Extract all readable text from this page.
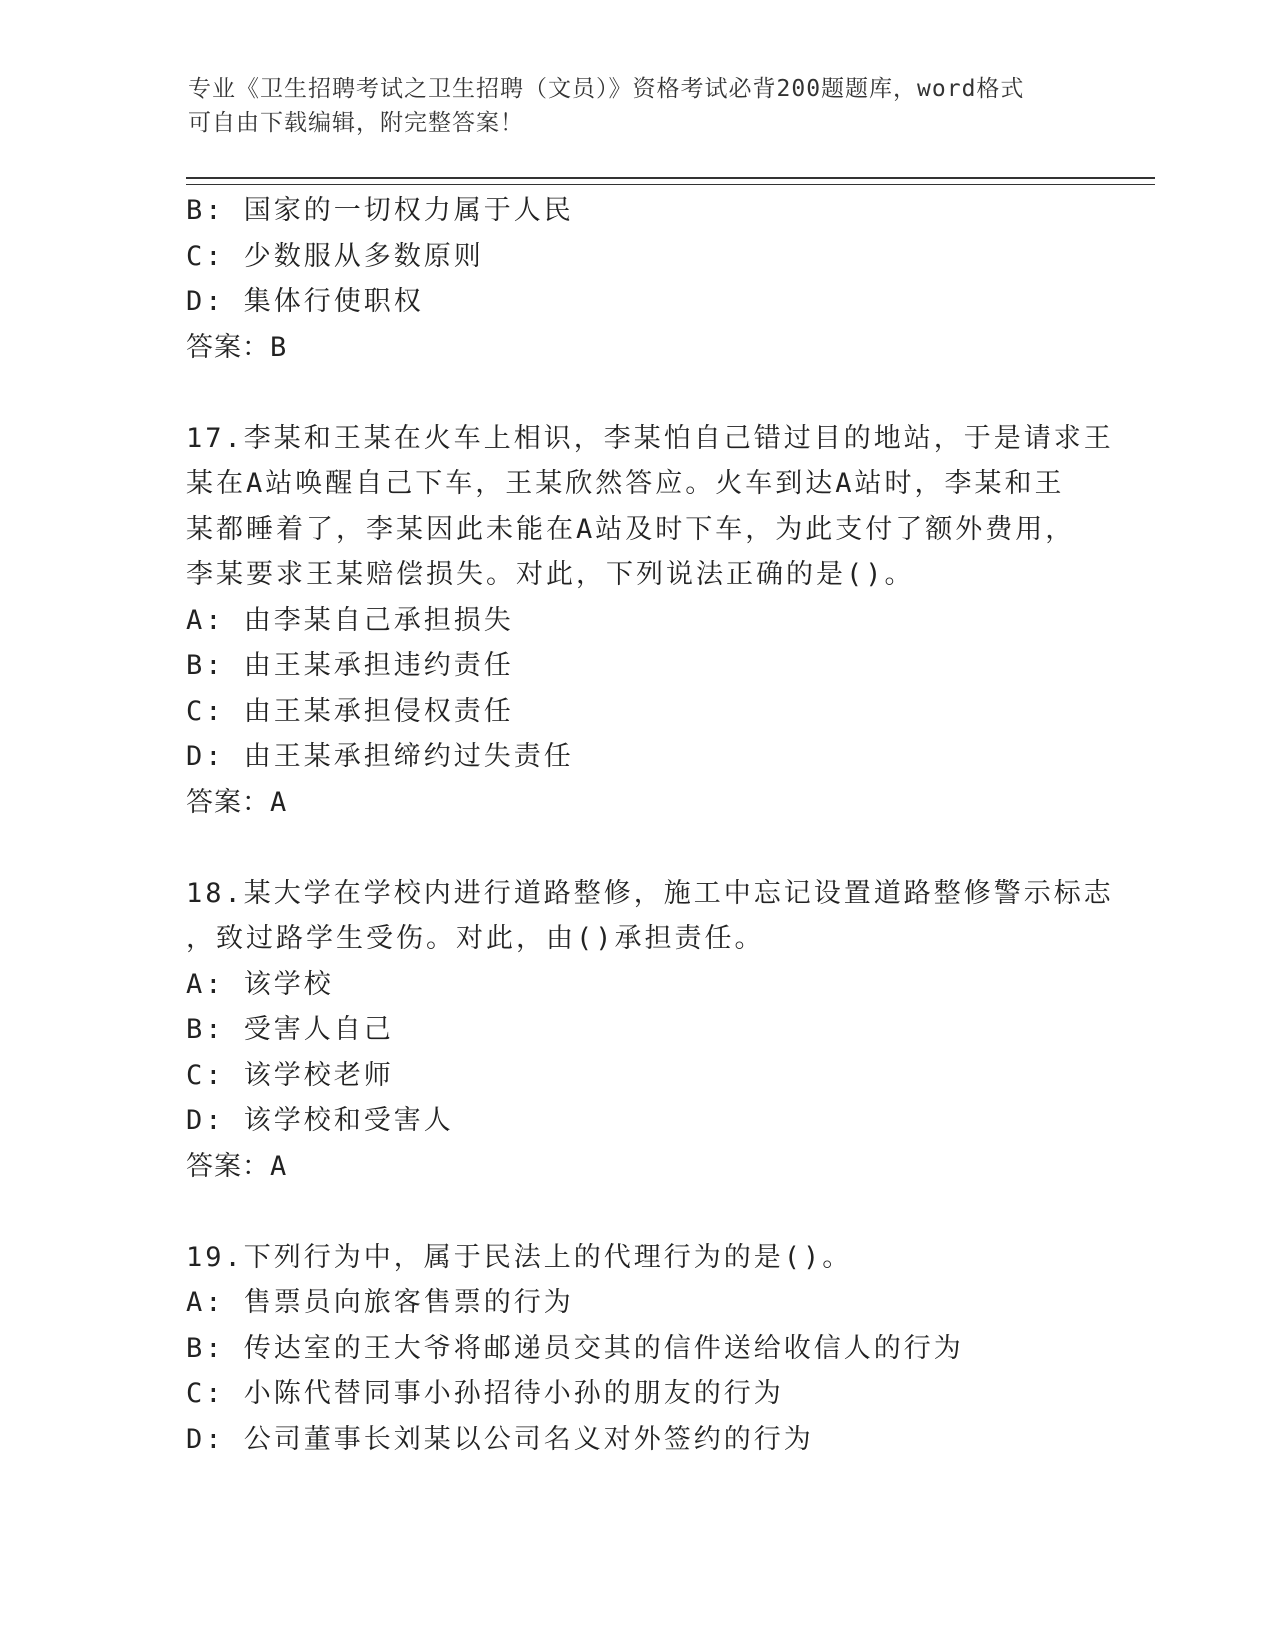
专业《卫生招聘考试之卫生招聘（文员）》资格考试必背200题题库，word格式
可自由下载编辑，附完整答案！
B: 国家的一切权力属于人民
C: 少数服从多数原则
D: 集体行使职权
答案：B
17.李某和王某在火车上相识，李某怕自己错过目的地站，于是请求王
某在A站唤醒自己下车，王某欣然答应。火车到达A站时，李某和王
某都睡着了，李某因此未能在A站及时下车，为此支付了额外费用，
李某要求王某赔偿损失。对此，下列说法正确的是()。
A: 由李某自己承担损失
B: 由王某承担违约责任
C: 由王某承担侵权责任
D: 由王某承担缔约过失责任
答案：A
18.某大学在学校内进行道路整修，施工中忘记设置道路整修警示标志
，致过路学生受伤。对此，由()承担责任。
A: 该学校
B: 受害人自己
C: 该学校老师
D: 该学校和受害人
答案：A
19.下列行为中，属于民法上的代理行为的是()。
A: 售票员向旅客售票的行为
B: 传达室的王大爷将邮递员交其的信件送给收信人的行为
C: 小陈代替同事小孙招待小孙的朋友的行为
D: 公司董事长刘某以公司名义对外签约的行为
